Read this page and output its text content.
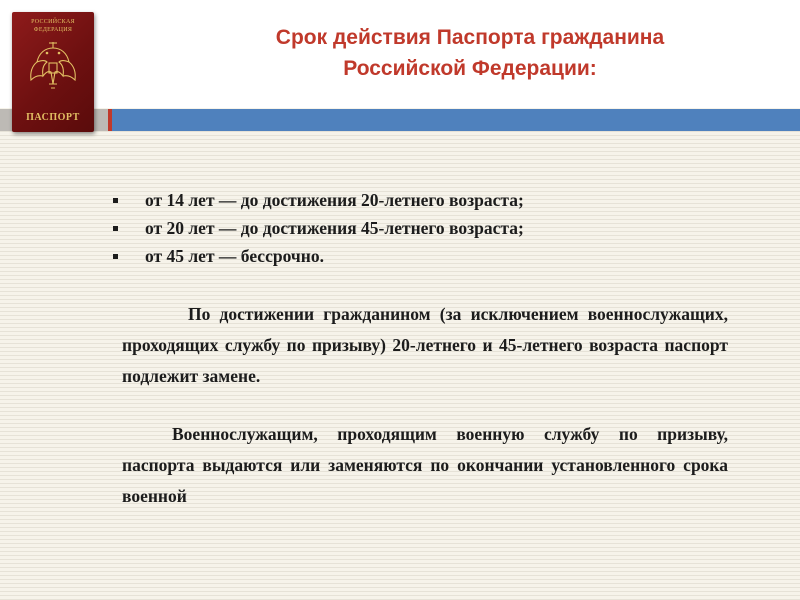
Срок действия Паспорта гражданина
Российской Федерации:
РОССИЙСКАЯ
ФЕДЕРАЦИЯ
ПАСПОРТ
от 14 лет — до достижения 20-летнего возраста;
от 20 лет — до достижения 45-летнего возраста;
от 45 лет — бессрочно.

По достижении гражданином (за исключением военнослужащих, проходящих службу по призыву) 20-летнего и 45-летнего возраста паспорт подлежит замене.

Военнослужащим, проходящим военную службу по призыву, паспорта выдаются или заменяются по окончании установленного срока военной
